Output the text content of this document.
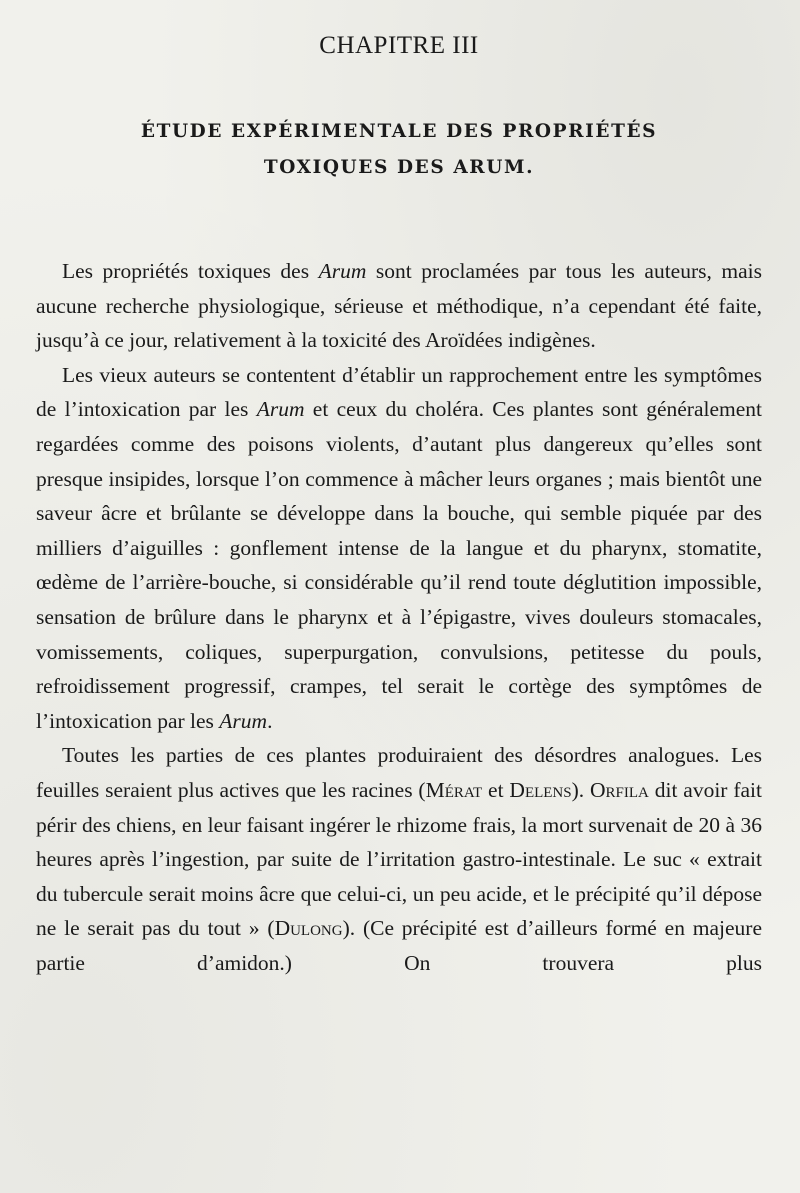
CHAPITRE III
ÉTUDE EXPÉRIMENTALE DES PROPRIÉTÉS
TOXIQUES DES ARUM.

Les propriétés toxiques des Arum sont proclamées par tous les auteurs, mais aucune recherche physiologique, sérieuse et méthodique, n’a cependant été faite, jusqu’à ce jour, relativement à la toxicité des Aroïdées indigènes.

Les vieux auteurs se contentent d’établir un rapprochement entre les symptômes de l’intoxication par les Arum et ceux du choléra. Ces plantes sont généralement regardées comme des poisons violents, d’autant plus dangereux qu’elles sont presque insipides, lorsque l’on commence à mâcher leurs organes ; mais bientôt une saveur âcre et brûlante se développe dans la bouche, qui semble piquée par des milliers d’aiguilles : gonflement intense de la langue et du pharynx, stomatite, œdème de l’arrière-bouche, si considérable qu’il rend toute déglutition impossible, sensation de brûlure dans le pharynx et à l’épigastre, vives douleurs stomacales, vomissements, coliques, superpurgation, convulsions, petitesse du pouls, refroidissement progressif, crampes, tel serait le cortège des symptômes de l’intoxication par les Arum.

Toutes les parties de ces plantes produiraient des désordres analogues. Les feuilles seraient plus actives que les racines (Mérat et Delens). Orfila dit avoir fait périr des chiens, en leur faisant ingérer le rhizome frais, la mort survenait de 20 à 36 heures après l’ingestion, par suite de l’irritation gastro-intestinale. Le suc « extrait du tubercule serait moins âcre que celui-ci, un peu acide, et le précipité qu’il dépose ne le serait pas du tout » (Dulong). (Ce précipité est d’ailleurs formé en majeure partie d’amidon.) On trouvera plus
